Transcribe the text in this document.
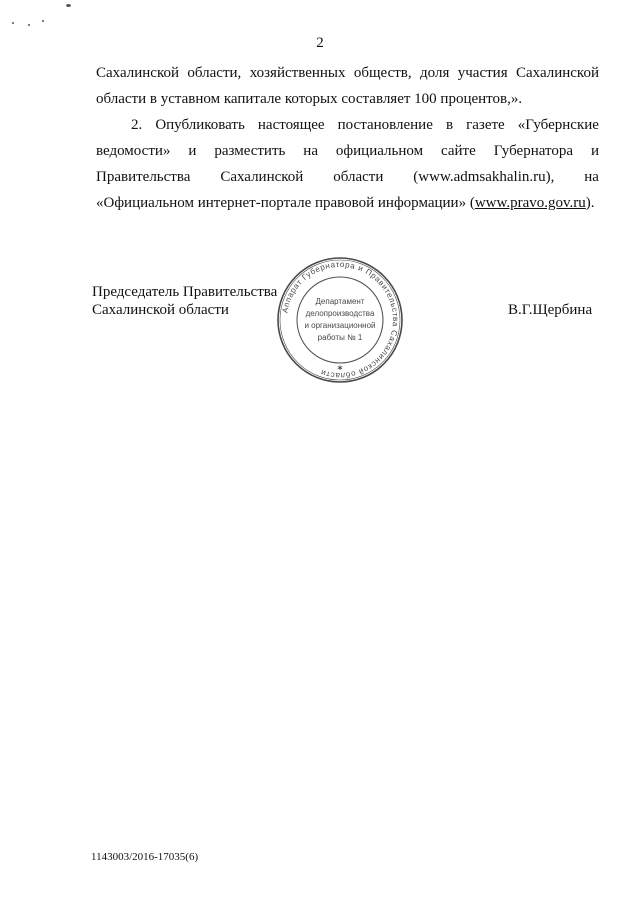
2
Сахалинской области, хозяйственных обществ, доля участия Сахалинской
области в уставном капитале которых составляет 100 процентов,».
2. Опубликовать настоящее постановление в газете «Губернские
ведомости» и разместить на официальном сайте Губернатора и
Правительства Сахалинской области (www.admsakhalin.ru), на
«Официальном интернет-портале правовой информации» (www.pravo.gov.ru).
Председатель Правительства
Сахалинской области	В.Г.Щербина
Аппарат Губернатора и Правительства Сахалинской области	✶
Департамент
делопроизводства
и организационной
работы № 1
1143003/2016-17035(6)
